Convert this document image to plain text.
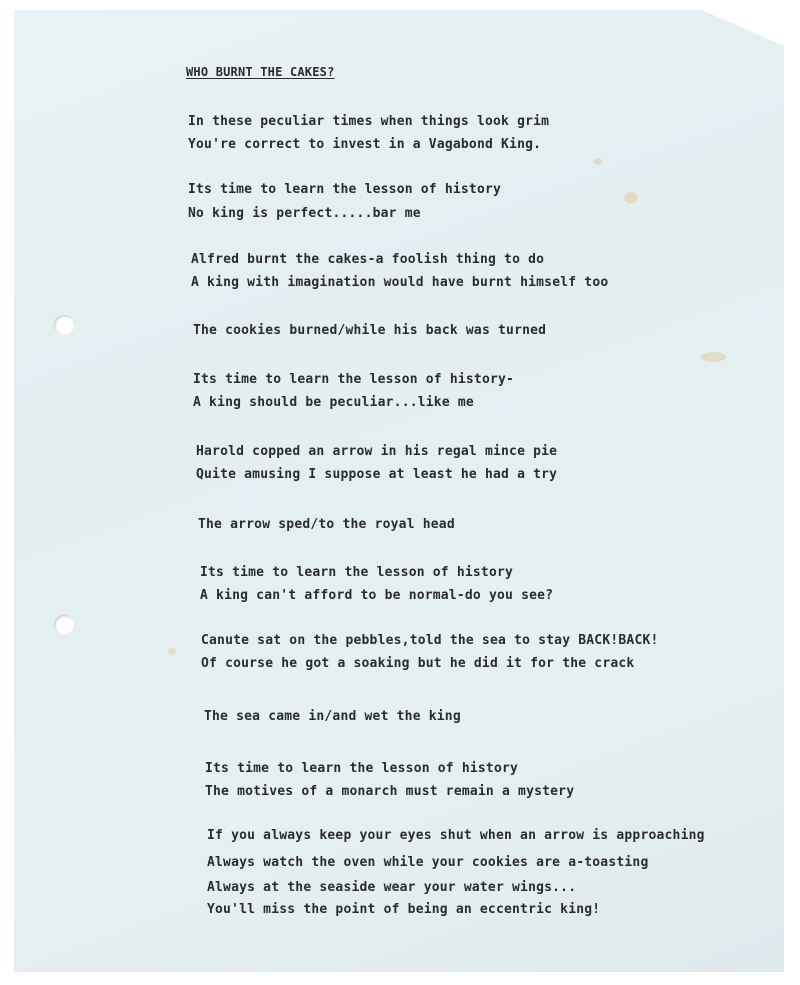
WHO BURNT THE CAKES?

In these peculiar times when things look grim

You're correct to invest in a Vagabond King.

Its time to learn the lesson of history

No king is perfect.....bar me

Alfred burnt the cakes-a foolish thing to do

A king with imagination would have burnt himself too

The cookies burned/while his back was turned

Its time to learn the lesson of history-

A king should be peculiar...like me

Harold copped an arrow in his regal mince pie

Quite amusing I suppose at least he had a try

The arrow sped/to the royal head

Its time to learn the lesson of history

A king can't afford to be normal-do you see?

Canute sat on the pebbles,told the sea to stay BACK!BACK!

Of course he got a soaking but he did it for the crack

The sea came in/and wet the king

Its time to learn the lesson of history

The motives of a monarch must remain a mystery

If you always keep your eyes shut when an arrow is approaching

Always watch the oven while your cookies are a-toasting

Always at the seaside wear your water wings...

You'll miss the point of being an eccentric king!
